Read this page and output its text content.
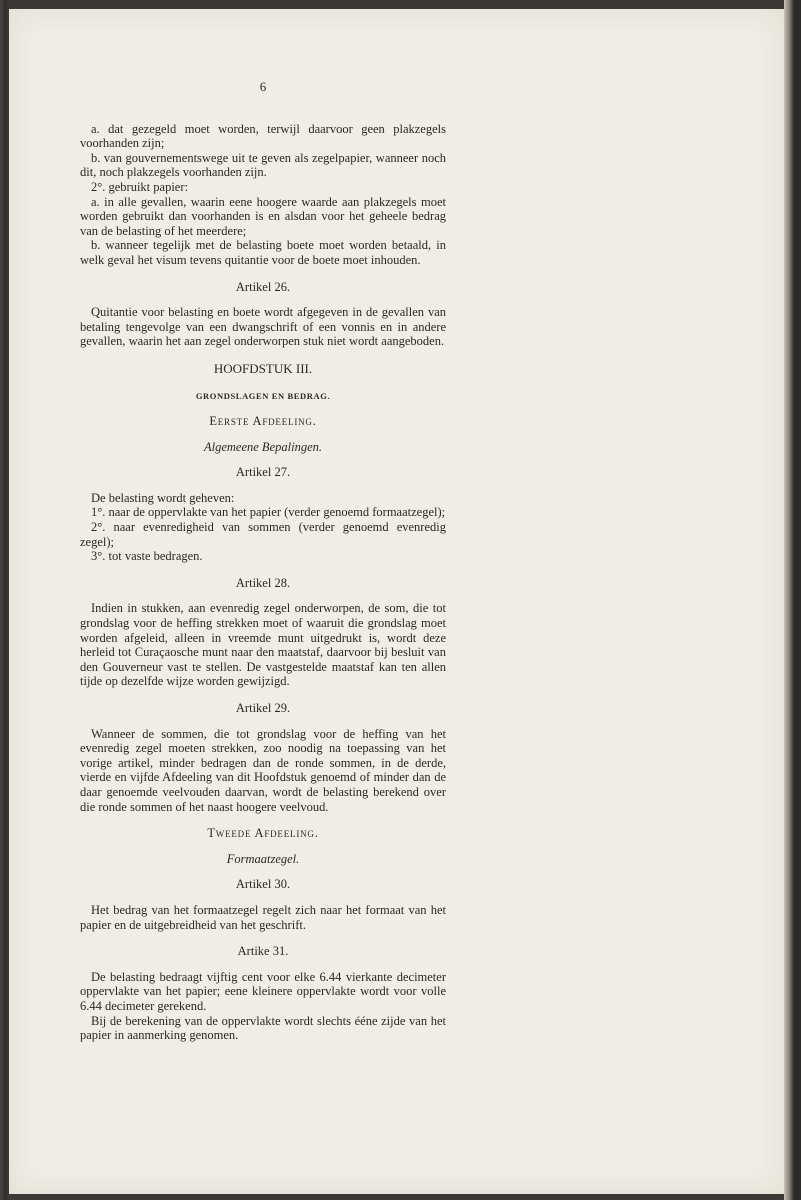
6

a. dat gezegeld moet worden, terwijl daarvoor geen plakzegels voorhanden zijn;

b. van gouvernementswege uit te geven als zegelpapier, wanneer noch dit, noch plakzegels voorhanden zijn.

2°. gebruikt papier:

a. in alle gevallen, waarin eene hoogere waarde aan plakzegels moet worden gebruikt dan voorhanden is en alsdan voor het geheele bedrag van de belasting of het meerdere;

b. wanneer tegelijk met de belasting boete moet worden betaald, in welk geval het visum tevens quitantie voor de boete moet inhouden.

Artikel 26.

Quitantie voor belasting en boete wordt afgegeven in de gevallen van betaling tengevolge van een dwangschrift of een vonnis en in andere gevallen, waarin het aan zegel onderworpen stuk niet wordt aangeboden.

HOOFDSTUK III.
GRONDSLAGEN EN BEDRAG.
Eerste Afdeeling.
Algemeene Bepalingen.
Artikel 27.

De belasting wordt geheven:

1°. naar de oppervlakte van het papier (verder genoemd formaatzegel);

2°. naar evenredigheid van sommen (verder genoemd evenredig zegel);

3°. tot vaste bedragen.

Artikel 28.

Indien in stukken, aan evenredig zegel onderworpen, de som, die tot grondslag voor de heffing strekken moet of waaruit die grondslag moet worden afgeleid, alleen in vreemde munt uitgedrukt is, wordt deze herleid tot Curaçaosche munt naar den maatstaf, daarvoor bij besluit van den Gouverneur vast te stellen. De vastgestelde maatstaf kan ten allen tijde op dezelfde wijze worden gewijzigd.

Artikel 29.

Wanneer de sommen, die tot grondslag voor de heffing van het evenredig zegel moeten strekken, zoo noodig na toepassing van het vorige artikel, minder bedragen dan de ronde sommen, in de derde, vierde en vijfde Afdeeling van dit Hoofdstuk genoemd of minder dan de daar genoemde veelvouden daarvan, wordt de belasting berekend over die ronde sommen of het naast hoogere veelvoud.

Tweede Afdeeling.
Formaatzegel.
Artikel 30.

Het bedrag van het formaatzegel regelt zich naar het formaat van het papier en de uitgebreidheid van het geschrift.

Artike 31.

De belasting bedraagt vijftig cent voor elke 6.44 vierkante decimeter oppervlakte van het papier; eene kleinere oppervlakte wordt voor volle 6.44 decimeter gerekend.

Bij de berekening van de oppervlakte wordt slechts ééne zijde van het papier in aanmerking genomen.
